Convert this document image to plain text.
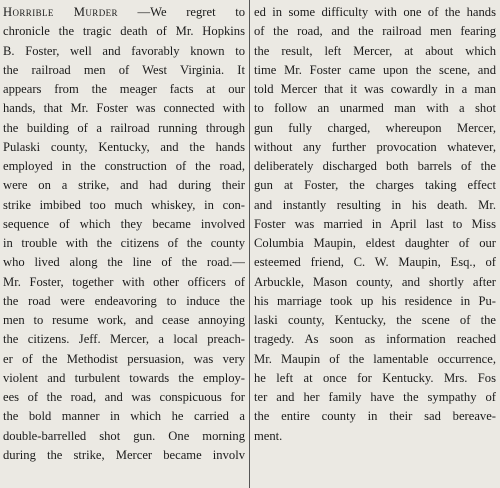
Horrible Murder —We regret to
chronicle the tragic death of Mr. Hopkins
B. Foster, well and favorably known to
the railroad men of West Virginia. It
appears from the meager facts at our
hands, that Mr. Foster was connected with
the building of a railroad running through
Pulaski county, Kentucky, and the hands
employed in the construction of the road,
were on a strike, and had during their
strike imbibed too much whiskey, in con-
sequence of which they became involved
in trouble with the citizens of the county
who lived along the line of the road.—
Mr. Foster, together with other officers of
the road were endeavoring to induce the
men to resume work, and cease annoying
the citizens. Jeff. Mercer, a local preach-
er of the Methodist persuasion, was very
violent and turbulent towards the employ-
ees of the road, and was conspicuous for
the bold manner in which he carried a
double-barrelled shot gun. One morning
during the strike, Mercer became involv
ed in some difficulty with one of the hands
of the road, and the railroad men fearing
the result, left Mercer, at about which
time Mr. Foster came upon the scene, and
told Mercer that it was cowardly in a man
to follow an unarmed man with a shot
gun fully charged, whereupon Mercer,
without any further provocation whatever,
deliberately discharged both barrels of the
gun at Foster, the charges taking effect
and instantly resulting in his death. Mr.
Foster was married in April last to Miss
Columbia Maupin, eldest daughter of our
esteemed friend, C. W. Maupin, Esq., of
Arbuckle, Mason county, and shortly after
his marriage took up his residence in Pu-
laski county, Kentucky, the scene of the
tragedy. As soon as information reached
Mr. Maupin of the lamentable occurrence,
he left at once for Kentucky. Mrs. Fos
ter and her family have the sympathy of
the entire county in their sad bereave-
ment.
